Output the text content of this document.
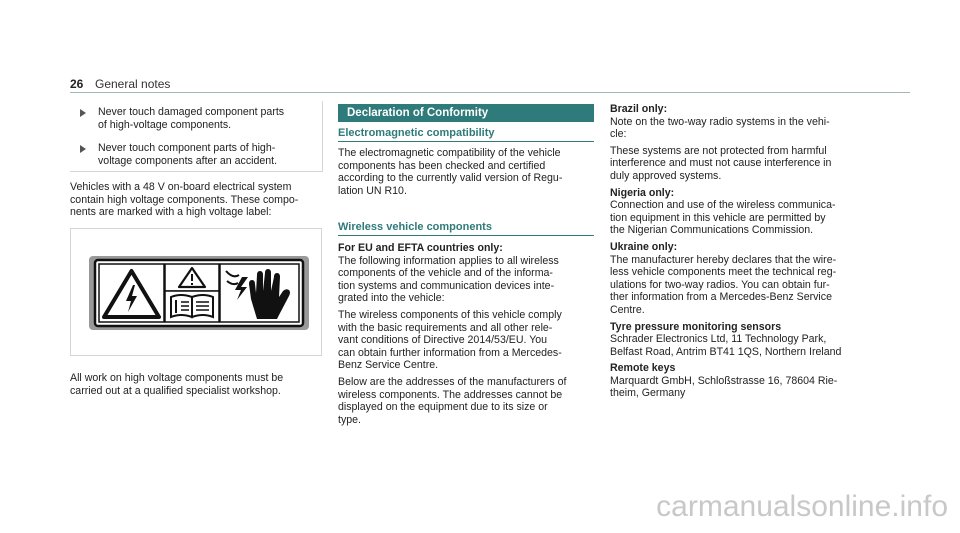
26 General notes
Never touch damaged component parts
of high-voltage components.
Never touch component parts of high-
voltage components after an accident.
Vehicles with a 48 V on-board electrical system
contain high voltage components. These compo-
nents are marked with a high voltage label:
All work on high voltage components must be
carried out at a qualified specialist workshop.
Declaration of Conformity
Electromagnetic compatibility
The electromagnetic compatibility of the vehicle
components has been checked and certified
according to the currently valid version of Regu-
lation UN R10.
Wireless vehicle components
For EU and EFTA countries only:
The following information applies to all wireless
components of the vehicle and of the informa-
tion systems and communication devices inte-
grated into the vehicle:
The wireless components of this vehicle comply
with the basic requirements and all other rele-
vant conditions of Directive 2014/53/EU. You
can obtain further information from a Mercedes-
Benz Service Centre.
Below are the addresses of the manufacturers of
wireless components. The addresses cannot be
displayed on the equipment due to its size or
type.
Brazil only:
Note on the two-way radio systems in the vehi-
cle:
These systems are not protected from harmful
interference and must not cause interference in
duly approved systems.
Nigeria only:
Connection and use of the wireless communica-
tion equipment in this vehicle are permitted by
the Nigerian Communications Commission.
Ukraine only:
The manufacturer hereby declares that the wire-
less vehicle components meet the technical reg-
ulations for two-way radios. You can obtain fur-
ther information from a Mercedes-Benz Service
Centre.
Tyre pressure monitoring sensors
Schrader Electronics Ltd, 11 Technology Park,
Belfast Road, Antrim BT41 1QS, Northern Ireland
Remote keys
Marquardt GmbH, Schloßstrasse 16, 78604 Rie-
theim, Germany
carmanualsonline.info
